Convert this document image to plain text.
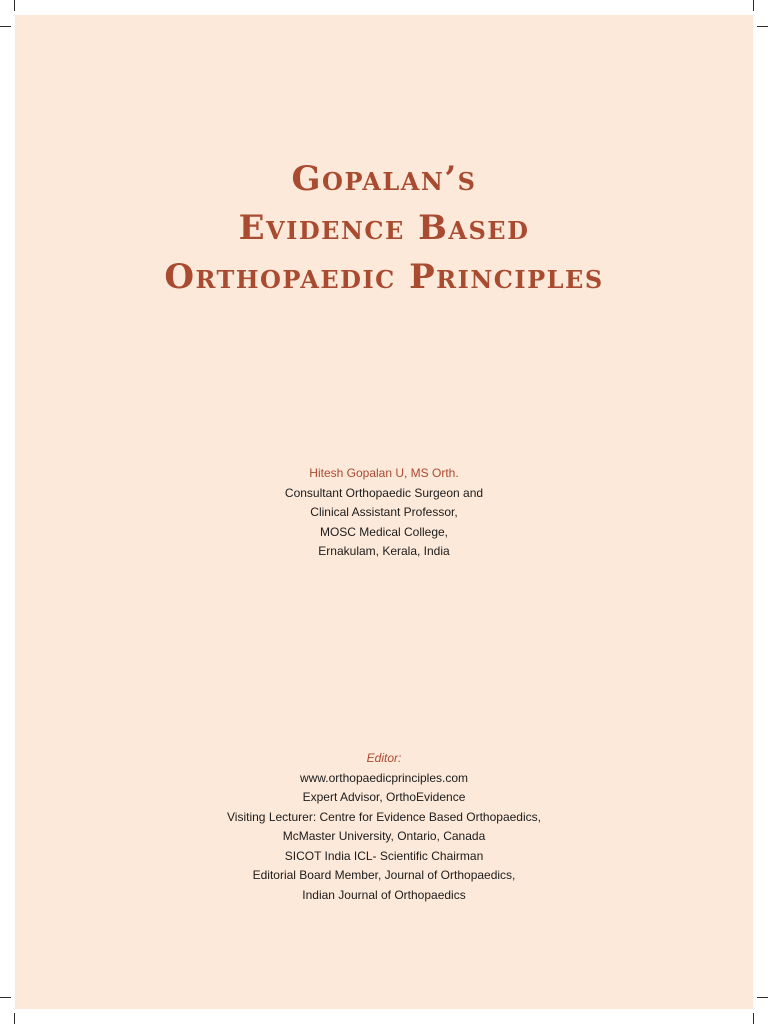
Gopalan’s
Evidence Based
Orthopaedic Principles
Hitesh Gopalan U, MS Orth.
Consultant Orthopaedic Surgeon and
Clinical Assistant Professor,
MOSC Medical College,
Ernakulam, Kerala, India
Editor:
www.orthopaedicprinciples.com
Expert Advisor, OrthoEvidence
Visiting Lecturer: Centre for Evidence Based Orthopaedics,
McMaster University, Ontario, Canada
SICOT India ICL- Scientific Chairman
Editorial Board Member, Journal of Orthopaedics,
Indian Journal of Orthopaedics
